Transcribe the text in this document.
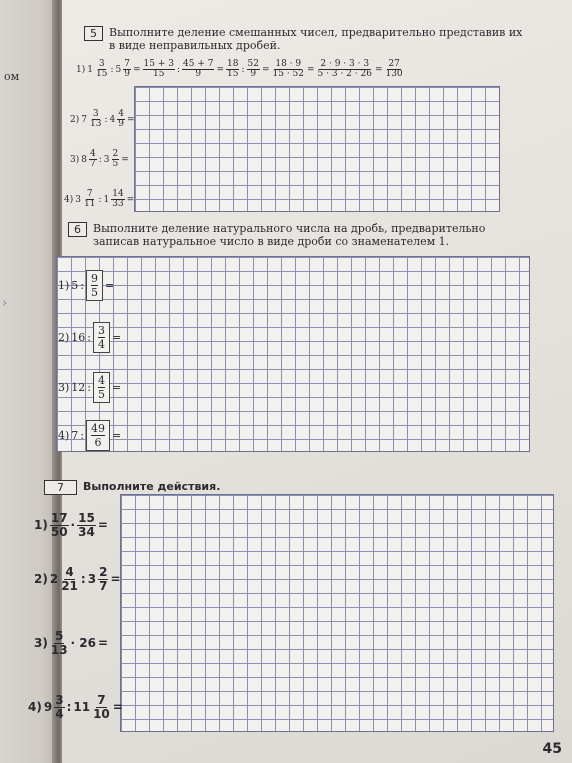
ом
›
5	Выполните деление смешанных чисел, предварительно представив их в виде неправильных дробей.
1) $1 \frac{3}{15}$ : $5 \frac{7}{9} = \frac{15 + 3}{15}$ : $\frac{45 + 7}{9} = \frac{18}{15}$ : $\frac{52}{9} = \frac{18 \cdot 9}{15 \cdot 52} = \frac{2 \cdot 9 \cdot 3 \cdot 3}{5 \cdot 3 \cdot 2 \cdot 26} = \frac{27}{130}$
2) $7 \frac{3}{13}$ : $4 \frac{4}{9}$ =
3) $8 \frac{4}{7}$ : $3 \frac{2}{5}$ =
4) $3 \frac{7}{11}$ : $1 \frac{14}{33}$ =
6	Выполните деление натурального числа на дробь, предварительно записав натуральное число в виде дроби со знаменателем 1.
1) 5 : $\frac{9}{5}$ =
2) 16 : $\frac{3}{4}$ =
3) 12 : $\frac{4}{5}$ =
4) 7 : $\frac{49}{6}$ =
7	Выполните действия.
$1) \frac{17}{50} \cdot \frac{15}{34}$ =
2) $2 \frac{4}{21}$ : $3 \frac{2}{7}$ =
$3) \frac{5}{13} \cdot 26$ =
4) $9 \frac{3}{4}$ : $11 \frac{7}{10}$ =
45
